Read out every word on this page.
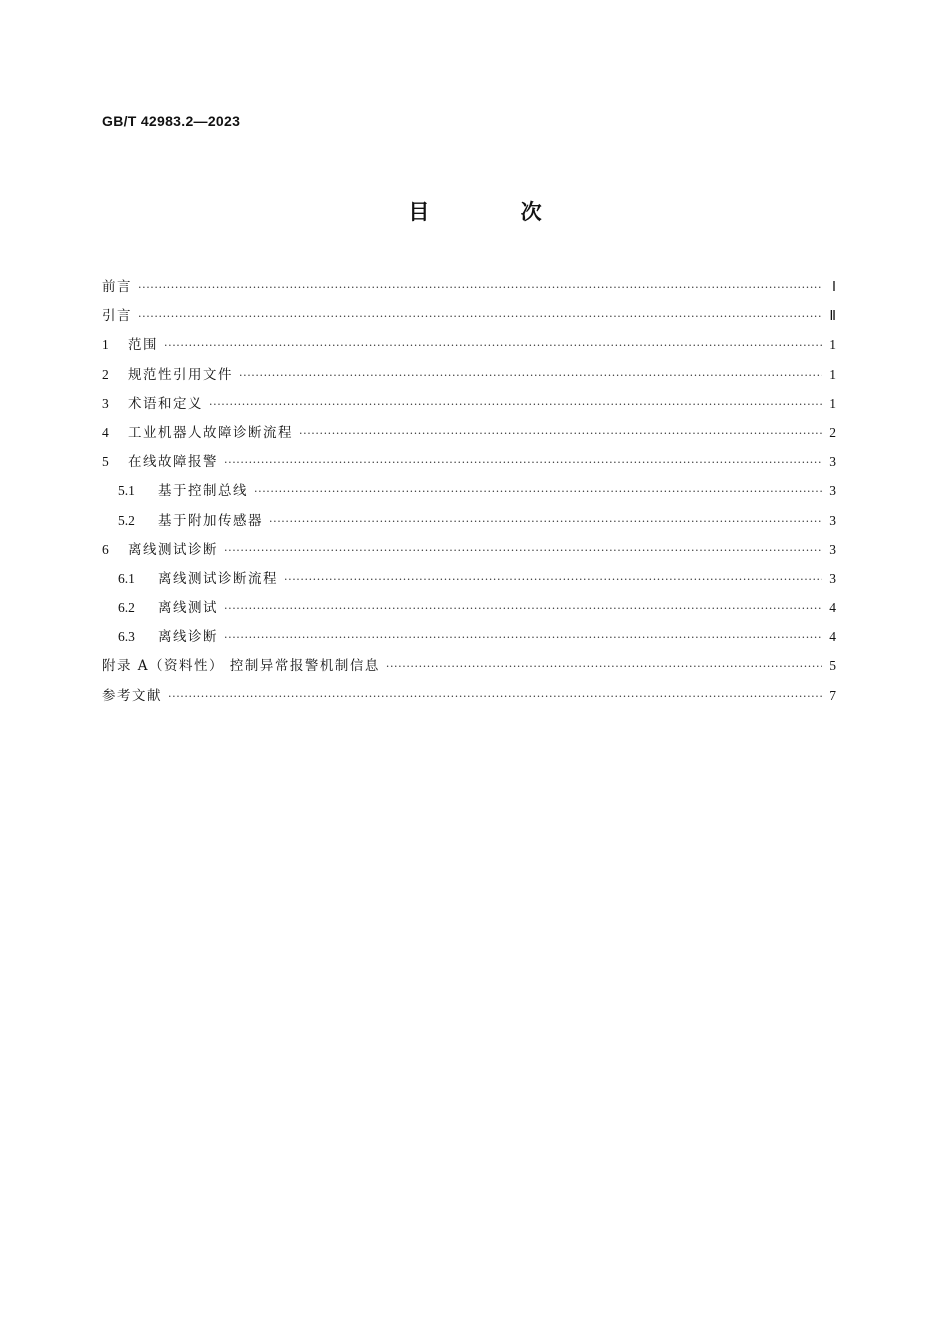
GB/T 42983.2—2023
目 次
前言 ·····	Ⅰ
引言 ·····	Ⅱ
1	范围 ·····	1
2	规范性引用文件 ·····	1
3	术语和定义 ·····	1
4	工业机器人故障诊断流程 ·····	2
5	在线故障报警 ·····	3
5.1	基于控制总线 ·····	3
5.2	基于附加传感器 ·····	3
6	离线测试诊断 ·····	3
6.1	离线测试诊断流程 ·····	3
6.2	离线测试 ·····	4
6.3	离线诊断 ·····	4
附录 A（资料性） 控制异常报警机制信息 ·····	5
参考文献 ·····	7
